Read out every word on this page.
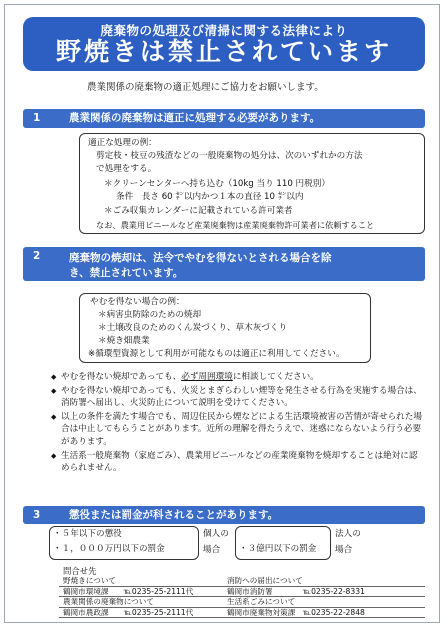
廃棄物の処理及び清掃に関する法律により
野焼きは禁止されています
農業関係の廃棄物の適正処理にご協力をお願いします。
1	農業関係の廃棄物は適正に処理する必要があります。

適正な処理の例：

剪定枝・枝豆の残渣などの一般廃棄物の処分は、次のいずれかの方法

で処理をする。

＊クリーンセンターへ持ち込む（10kg 当り 110 円税別）

条件　長さ 60 ㌢以内かつ１本の直径 10 ㌢以内

＊ごみ収集カレンダーに記載されている許可業者

なお、農業用ビニールなど産業廃棄物は産業廃棄物許可業者に依頼すること

2	廃棄物の焼却は、法令でやむを得ないとされる場合を除
き、禁止されています。

やむを得ない場合の例：

＊病害虫防除のための焼却

＊土壌改良のためのくん炭づくり、草木灰づくり

＊焼き畑農業

※循環型資源として利用が可能なものは適正に利用してください。

◆ やむを得ない焼却であっても、必ず周囲環境に相談してください。
◆ やむを得ない焼却であっても、火災とまぎらわしい煙等を発生させる行為を実施する場合は、消防署へ届出し、火災防止について説明を受けてください。
◆ 以上の条件を満たす場合でも、周辺住民から煙などによる生活環境被害の苦情が寄せられた場合は中止してもらうことがあります。近所の理解を得たうえで、迷惑にならないよう行う必要があります。
◆ 生活系一般廃棄物（家庭ごみ）、農業用ビニールなどの産業廃棄物を焼却することは絶対に認められません。
3	懲役または罰金が科されることがあります。
・５年以下の懲役
・１，０００万円以下の罰金
個人の
場合 ・３億円以下の罰金
法人の
場合
問合せ先
野焼きについて	消防への届出について
鶴岡市環境課　　℡0235-25-2111代	鶴岡市消防署　　　　℡0235-22-8331
農業関係の廃棄物について	生活系ごみについて
鶴岡市農政課　　℡0235-25-2111代	鶴岡市廃棄物対策課　℡0235-22-2848
